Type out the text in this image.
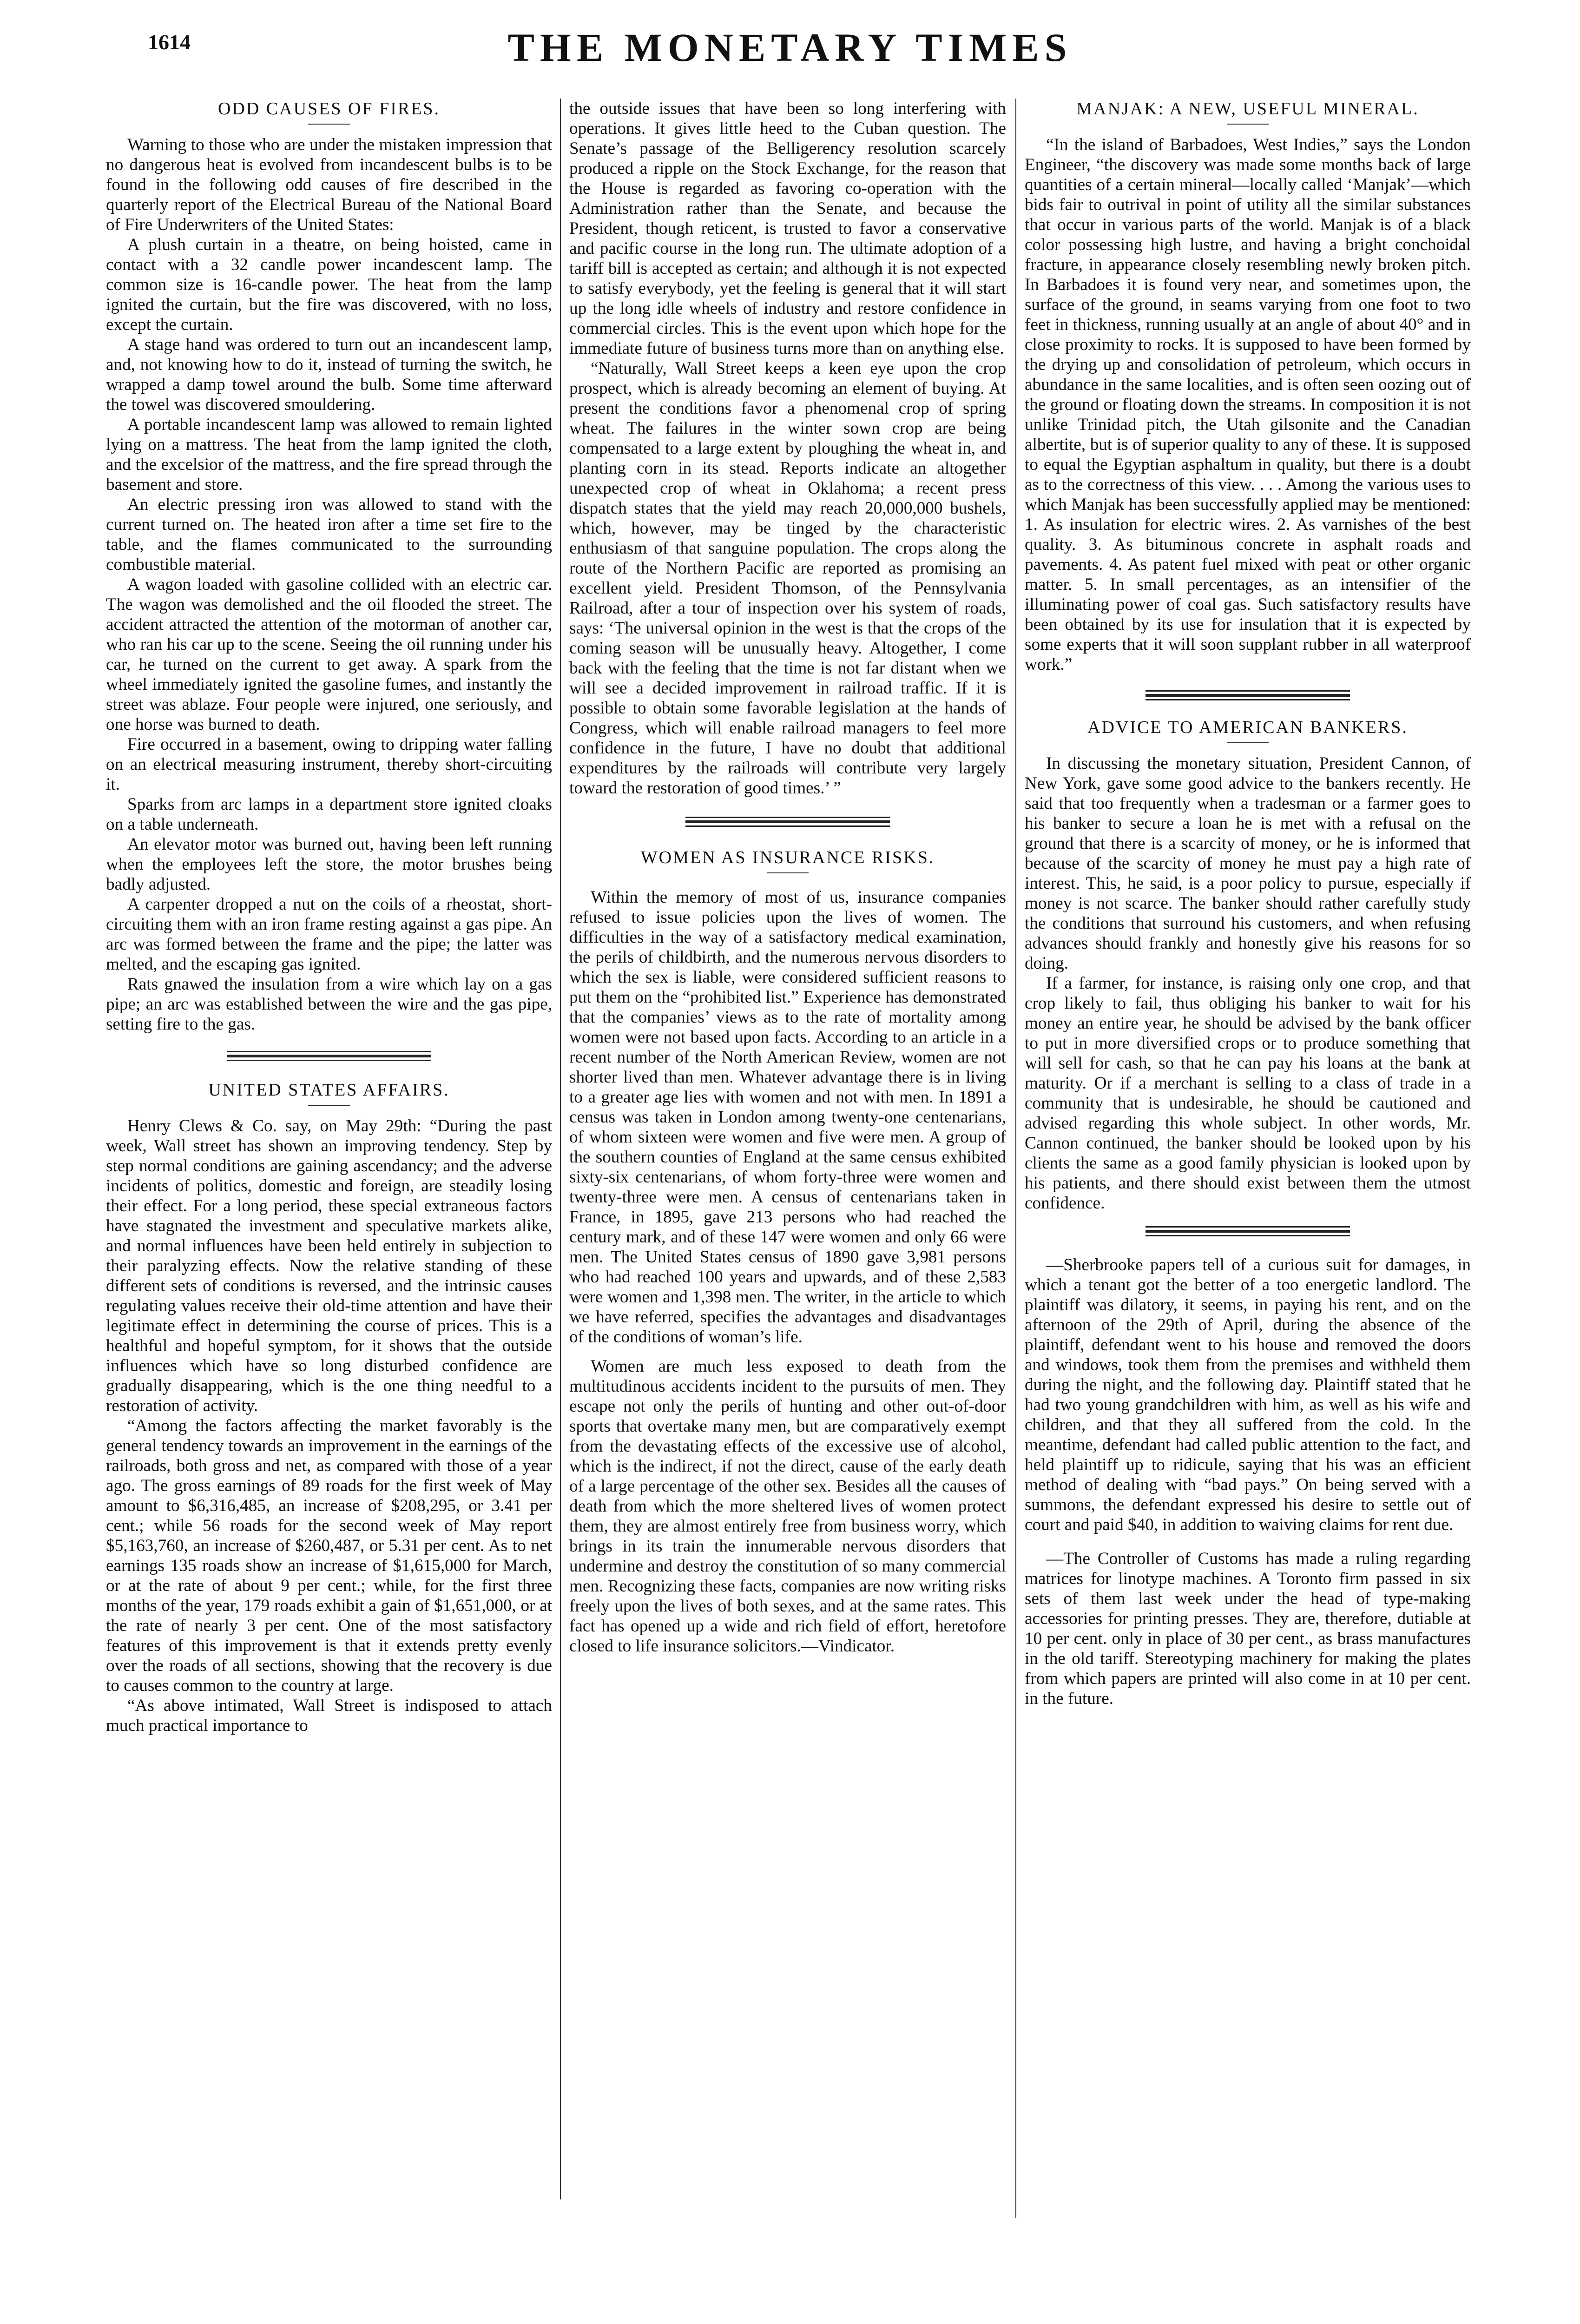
1614	THE MONETARY TIMES
ODD CAUSES OF FIRES.

Warning to those who are under the mistaken impression that no dangerous heat is evolved from incandescent bulbs is to be found in the following odd causes of fire described in the quarterly report of the Electrical Bureau of the National Board of Fire Underwriters of the United States:

A plush curtain in a theatre, on being hoisted, came in contact with a 32 candle power incandescent lamp. The common size is 16-candle power. The heat from the lamp ignited the curtain, but the fire was discovered, with no loss, except the curtain.

A stage hand was ordered to turn out an incandescent lamp, and, not knowing how to do it, instead of turning the switch, he wrapped a damp towel around the bulb. Some time afterward the towel was discovered smouldering.

A portable incandescent lamp was allowed to remain lighted lying on a mattress. The heat from the lamp ignited the cloth, and the excelsior of the mattress, and the fire spread through the basement and store.

An electric pressing iron was allowed to stand with the current turned on. The heated iron after a time set fire to the table, and the flames communicated to the surrounding combustible material.

A wagon loaded with gasoline collided with an electric car. The wagon was demolished and the oil flooded the street. The accident attracted the attention of the motorman of another car, who ran his car up to the scene. Seeing the oil running under his car, he turned on the current to get away. A spark from the wheel immediately ignited the gasoline fumes, and instantly the street was ablaze. Four people were injured, one seriously, and one horse was burned to death.

Fire occurred in a basement, owing to dripping water falling on an electrical measuring instrument, thereby short-circuiting it.

Sparks from arc lamps in a department store ignited cloaks on a table underneath.

An elevator motor was burned out, having been left running when the employees left the store, the motor brushes being badly adjusted.

A carpenter dropped a nut on the coils of a rheostat, short-circuiting them with an iron frame resting against a gas pipe. An arc was formed between the frame and the pipe; the latter was melted, and the escaping gas ignited.

Rats gnawed the insulation from a wire which lay on a gas pipe; an arc was established between the wire and the gas pipe, setting fire to the gas.

UNITED STATES AFFAIRS.

Henry Clews & Co. say, on May 29th: “During the past week, Wall street has shown an improving tendency. Step by step normal conditions are gaining ascendancy; and the adverse incidents of politics, domestic and foreign, are steadily losing their effect. For a long period, these special extraneous factors have stagnated the investment and speculative markets alike, and normal influences have been held entirely in subjection to their paralyzing effects. Now the relative standing of these different sets of conditions is reversed, and the intrinsic causes regulating values receive their old-time attention and have their legitimate effect in determining the course of prices. This is a healthful and hopeful symptom, for it shows that the outside influences which have so long disturbed confidence are gradually disappearing, which is the one thing needful to a restoration of activity.

“Among the factors affecting the market favorably is the general tendency towards an improvement in the earnings of the railroads, both gross and net, as compared with those of a year ago. The gross earnings of 89 roads for the first week of May amount to $6,316,485, an increase of $208,295, or 3.41 per cent.; while 56 roads for the second week of May report $5,163,760, an increase of $260,487, or 5.31 per cent. As to net earnings 135 roads show an increase of $1,615,000 for March, or at the rate of about 9 per cent.; while, for the first three months of the year, 179 roads exhibit a gain of $1,651,000, or at the rate of nearly 3 per cent. One of the most satisfactory features of this improvement is that it extends pretty evenly over the roads of all sections, showing that the recovery is due to causes common to the country at large.

“As above intimated, Wall Street is indisposed to attach much practical importance to

the outside issues that have been so long interfering with operations. It gives little heed to the Cuban question. The Senate’s passage of the Belligerency resolution scarcely produced a ripple on the Stock Exchange, for the reason that the House is regarded as favoring co-operation with the Administration rather than the Senate, and because the President, though reticent, is trusted to favor a conservative and pacific course in the long run. The ultimate adoption of a tariff bill is accepted as certain; and although it is not expected to satisfy everybody, yet the feeling is general that it will start up the long idle wheels of industry and restore confidence in commercial circles. This is the event upon which hope for the immediate future of business turns more than on anything else.

“Naturally, Wall Street keeps a keen eye upon the crop prospect, which is already becoming an element of buying. At present the conditions favor a phenomenal crop of spring wheat. The failures in the winter sown crop are being compensated to a large extent by ploughing the wheat in, and planting corn in its stead. Reports indicate an altogether unexpected crop of wheat in Oklahoma; a recent press dispatch states that the yield may reach 20,000,000 bushels, which, however, may be tinged by the characteristic enthusiasm of that sanguine population. The crops along the route of the Northern Pacific are reported as promising an excellent yield. President Thomson, of the Pennsylvania Railroad, after a tour of inspection over his system of roads, says: ‘The universal opinion in the west is that the crops of the coming season will be unusually heavy. Altogether, I come back with the feeling that the time is not far distant when we will see a decided improvement in railroad traffic. If it is possible to obtain some favorable legislation at the hands of Congress, which will enable railroad managers to feel more confidence in the future, I have no doubt that additional expenditures by the railroads will contribute very largely toward the restoration of good times.’ ”

WOMEN AS INSURANCE RISKS.

Within the memory of most of us, insurance companies refused to issue policies upon the lives of women. The difficulties in the way of a satisfactory medical examination, the perils of childbirth, and the numerous nervous disorders to which the sex is liable, were considered sufficient reasons to put them on the “prohibited list.” Experience has demonstrated that the companies’ views as to the rate of mortality among women were not based upon facts. According to an article in a recent number of the North American Review, women are not shorter lived than men. Whatever advantage there is in living to a greater age lies with women and not with men. In 1891 a census was taken in London among twenty-one centenarians, of whom sixteen were women and five were men. A group of the southern counties of England at the same census exhibited sixty-six centenarians, of whom forty-three were women and twenty-three were men. A census of centenarians taken in France, in 1895, gave 213 persons who had reached the century mark, and of these 147 were women and only 66 were men. The United States census of 1890 gave 3,981 persons who had reached 100 years and upwards, and of these 2,583 were women and 1,398 men. The writer, in the article to which we have referred, specifies the advantages and disadvantages of the conditions of woman’s life.

Women are much less exposed to death from the multitudinous accidents incident to the pursuits of men. They escape not only the perils of hunting and other out-of-door sports that overtake many men, but are comparatively exempt from the devastating effects of the excessive use of alcohol, which is the indirect, if not the direct, cause of the early death of a large percentage of the other sex. Besides all the causes of death from which the more sheltered lives of women protect them, they are almost entirely free from business worry, which brings in its train the innumerable nervous disorders that undermine and destroy the constitution of so many commercial men. Recognizing these facts, companies are now writing risks freely upon the lives of both sexes, and at the same rates. This fact has opened up a wide and rich field of effort, heretofore closed to life insurance solicitors.—Vindicator.

MANJAK: A NEW, USEFUL MINERAL.

“In the island of Barbadoes, West Indies,” says the London Engineer, “the discovery was made some months back of large quantities of a certain mineral—locally called ‘Manjak’—which bids fair to outrival in point of utility all the similar substances that occur in various parts of the world. Manjak is of a black color possessing high lustre, and having a bright conchoidal fracture, in appearance closely resembling newly broken pitch. In Barbadoes it is found very near, and sometimes upon, the surface of the ground, in seams varying from one foot to two feet in thickness, running usually at an angle of about 40° and in close proximity to rocks. It is supposed to have been formed by the drying up and consolidation of petroleum, which occurs in abundance in the same localities, and is often seen oozing out of the ground or floating down the streams. In composition it is not unlike Trinidad pitch, the Utah gilsonite and the Canadian albertite, but is of superior quality to any of these. It is supposed to equal the Egyptian asphaltum in quality, but there is a doubt as to the correctness of this view. . . . Among the various uses to which Manjak has been successfully applied may be mentioned: 1. As insulation for electric wires. 2. As varnishes of the best quality. 3. As bituminous concrete in asphalt roads and pavements. 4. As patent fuel mixed with peat or other organic matter. 5. In small percentages, as an intensifier of the illuminating power of coal gas. Such satisfactory results have been obtained by its use for insulation that it is expected by some experts that it will soon supplant rubber in all waterproof work.”

ADVICE TO AMERICAN BANKERS.

In discussing the monetary situation, President Cannon, of New York, gave some good advice to the bankers recently. He said that too frequently when a tradesman or a farmer goes to his banker to secure a loan he is met with a refusal on the ground that there is a scarcity of money, or he is informed that because of the scarcity of money he must pay a high rate of interest. This, he said, is a poor policy to pursue, especially if money is not scarce. The banker should rather carefully study the conditions that surround his customers, and when refusing advances should frankly and honestly give his reasons for so doing.

If a farmer, for instance, is raising only one crop, and that crop likely to fail, thus obliging his banker to wait for his money an entire year, he should be advised by the bank officer to put in more diversified crops or to produce something that will sell for cash, so that he can pay his loans at the bank at maturity. Or if a merchant is selling to a class of trade in a community that is undesirable, he should be cautioned and advised regarding this whole subject. In other words, Mr. Cannon continued, the banker should be looked upon by his clients the same as a good family physician is looked upon by his patients, and there should exist between them the utmost confidence.

—Sherbrooke papers tell of a curious suit for damages, in which a tenant got the better of a too energetic landlord. The plaintiff was dilatory, it seems, in paying his rent, and on the afternoon of the 29th of April, during the absence of the plaintiff, defendant went to his house and removed the doors and windows, took them from the premises and withheld them during the night, and the following day. Plaintiff stated that he had two young grandchildren with him, as well as his wife and children, and that they all suffered from the cold. In the meantime, defendant had called public attention to the fact, and held plaintiff up to ridicule, saying that his was an efficient method of dealing with “bad pays.” On being served with a summons, the defendant expressed his desire to settle out of court and paid $40, in addition to waiving claims for rent due.

—The Controller of Customs has made a ruling regarding matrices for linotype machines. A Toronto firm passed in six sets of them last week under the head of type-making accessories for printing presses. They are, therefore, dutiable at 10 per cent. only in place of 30 per cent., as brass manufactures in the old tariff. Stereotyping machinery for making the plates from which papers are printed will also come in at 10 per cent. in the future.
